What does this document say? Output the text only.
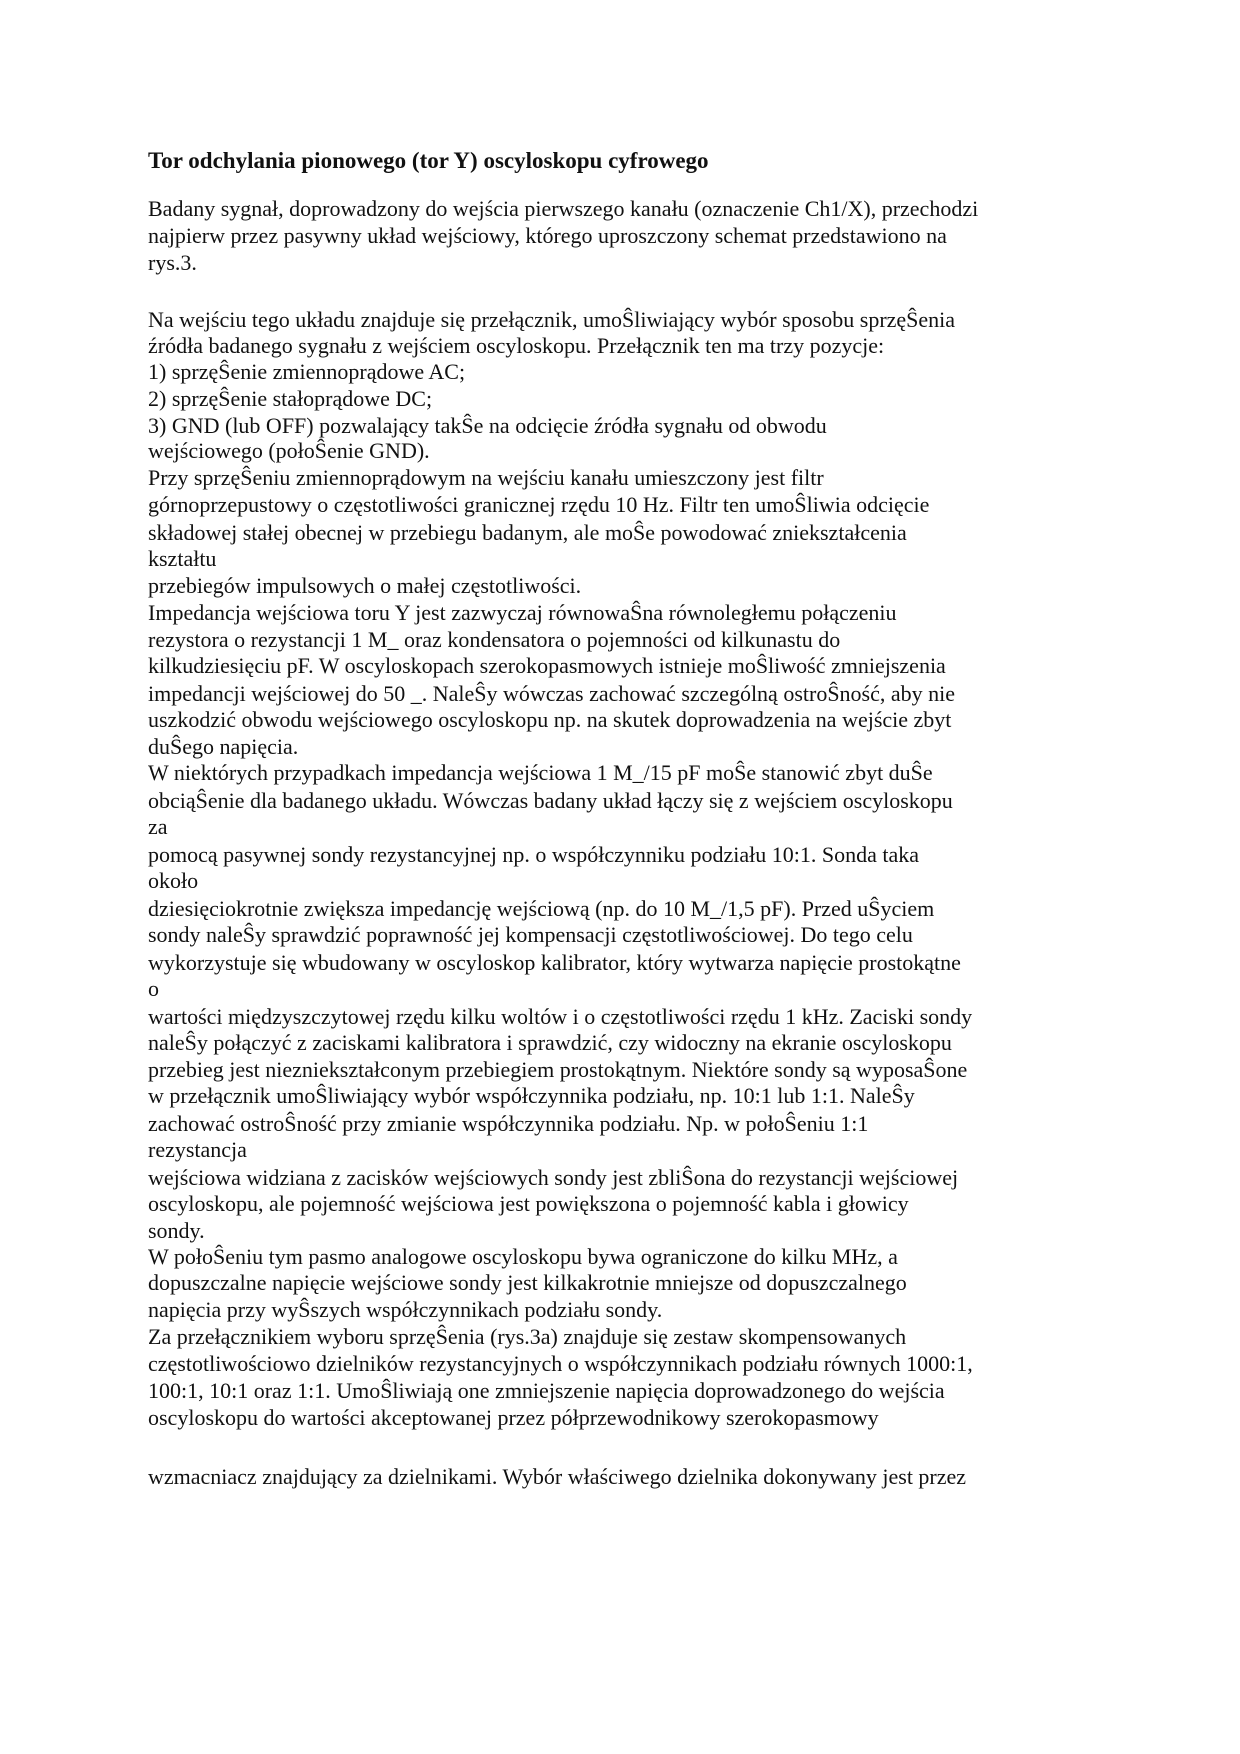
Tor odchylania pionowego (tor Y) oscyloskopu cyfrowego
Badany sygnał, doprowadzony do wejścia pierwszego kanału (oznaczenie Ch1/X), przechodzi
najpierw przez pasywny układ wejściowy, którego uproszczony schemat przedstawiono na
rys.3.
Na wejściu tego układu znajduje się przełącznik, umoŜliwiający wybór sposobu sprzęŜenia
źródła badanego sygnału z wejściem oscyloskopu. Przełącznik ten ma trzy pozycje:
1) sprzęŜenie zmiennoprądowe AC;
2) sprzęŜenie stałoprądowe DC;
3) GND (lub OFF) pozwalający takŜe na odcięcie źródła sygnału od obwodu
wejściowego (połoŜenie GND).
Przy sprzęŜeniu zmiennoprądowym na wejściu kanału umieszczony jest filtr
górnoprzepustowy o częstotliwości granicznej rzędu 10 Hz. Filtr ten umoŜliwia odcięcie
składowej stałej obecnej w przebiegu badanym, ale moŜe powodować zniekształcenia
kształtu
przebiegów impulsowych o małej częstotliwości.
Impedancja wejściowa toru Y jest zazwyczaj równowaŜna równoległemu połączeniu
rezystora o rezystancji 1 M_ oraz kondensatora o pojemności od kilkunastu do
kilkudziesięciu pF. W oscyloskopach szerokopasmowych istnieje moŜliwość zmniejszenia
impedancji wejściowej do 50 _. NaleŜy wówczas zachować szczególną ostroŜność, aby nie
uszkodzić obwodu wejściowego oscyloskopu np. na skutek doprowadzenia na wejście zbyt
duŜego napięcia.
W niektórych przypadkach impedancja wejściowa 1 M_/15 pF moŜe stanowić zbyt duŜe
obciąŜenie dla badanego układu. Wówczas badany układ łączy się z wejściem oscyloskopu
za
pomocą pasywnej sondy rezystancyjnej np. o współczynniku podziału 10:1. Sonda taka
około
dziesięciokrotnie zwiększa impedancję wejściową (np. do 10 M_/1,5 pF). Przed uŜyciem
sondy naleŜy sprawdzić poprawność jej kompensacji częstotliwościowej. Do tego celu
wykorzystuje się wbudowany w oscyloskop kalibrator, który wytwarza napięcie prostokątne
o
wartości międzyszczytowej rzędu kilku woltów i o częstotliwości rzędu 1 kHz. Zaciski sondy
naleŜy połączyć z zaciskami kalibratora i sprawdzić, czy widoczny na ekranie oscyloskopu
przebieg jest niezniekształconym przebiegiem prostokątnym. Niektóre sondy są wyposaŜone
w przełącznik umoŜliwiający wybór współczynnika podziału, np. 10:1 lub 1:1. NaleŜy
zachować ostroŜność przy zmianie współczynnika podziału. Np. w połoŜeniu 1:1
rezystancja
wejściowa widziana z zacisków wejściowych sondy jest zbliŜona do rezystancji wejściowej
oscyloskopu, ale pojemność wejściowa jest powiększona o pojemność kabla i głowicy
sondy.
W połoŜeniu tym pasmo analogowe oscyloskopu bywa ograniczone do kilku MHz, a
dopuszczalne napięcie wejściowe sondy jest kilkakrotnie mniejsze od dopuszczalnego
napięcia przy wyŜszych współczynnikach podziału sondy.
Za przełącznikiem wyboru sprzęŜenia (rys.3a) znajduje się zestaw skompensowanych
częstotliwościowo dzielników rezystancyjnych o współczynnikach podziału równych 1000:1,
100:1, 10:1 oraz 1:1. UmoŜliwiają one zmniejszenie napięcia doprowadzonego do wejścia
oscyloskopu do wartości akceptowanej przez półprzewodnikowy szerokopasmowy
wzmacniacz znajdujący za dzielnikami. Wybór właściwego dzielnika dokonywany jest przez
